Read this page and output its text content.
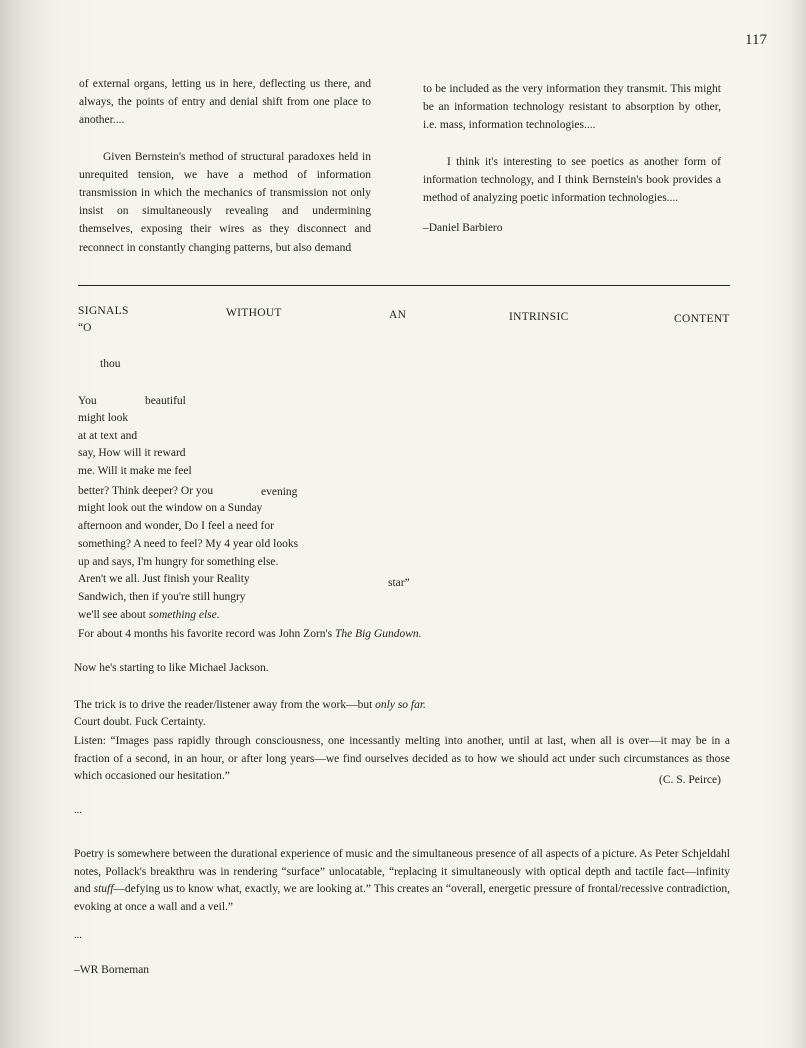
117

of external organs, letting us in here, deflecting us there, and always, the points of entry and denial shift from one place to another....

Given Bernstein's method of structural paradoxes held in unrequited tension, we have a method of information transmission in which the mechanics of transmission not only insist on simultaneously revealing and undermining themselves, exposing their wires as they disconnect and reconnect in constantly changing patterns, but also demand

to be included as the very information they transmit. This might be an information technology resistant to absorption by other, i.e. mass, information technologies....

I think it's interesting to see poetics as another form of information technology, and I think Bernstein's book provides a method of analyzing poetic information technologies....

–Daniel Barbiero

SIGNALS	WITHOUT	AN	INTRINSIC	CONTENT
“O
thou
You	beautiful
might look
at at text and
say, How will it reward
me. Will it make me feel
better? Think deeper? Or you	evening
might look out the window on a Sunday
afternoon and wonder, Do I feel a need for
something? A need to feel? My 4 year old looks
up and says, I'm hungry for something else.
Aren't we all. Just finish your Reality	star”
Sandwich, then if you're still hungry
we'll see about something else.
For about 4 months his favorite record was John Zorn's The Big Gundown.
Now he's starting to like Michael Jackson.
The trick is to drive the reader/listener away from the work—but only so far.
Court doubt. Fuck Certainty.
Listen: “Images pass rapidly through consciousness, one incessantly melting into another, until at last, when all is over—it may be in a fraction of a second, in an hour, or after long years—we find ourselves decided as to how we should act under such circumstances as those which occasioned our hesitation.”	(C. S. Peirce)
...
Poetry is somewhere between the durational experience of music and the simultaneous presence of all aspects of a picture. As Peter Schjeldahl notes, Pollack's breakthru was in rendering “surface” unlocatable, “replacing it simultaneously with optical depth and tactile fact—infinity and stuff—defying us to know what, exactly, we are looking at.” This creates an “overall, energetic pressure of frontal/recessive contradiction, evoking at once a wall and a veil.”
...
–WR Borneman
